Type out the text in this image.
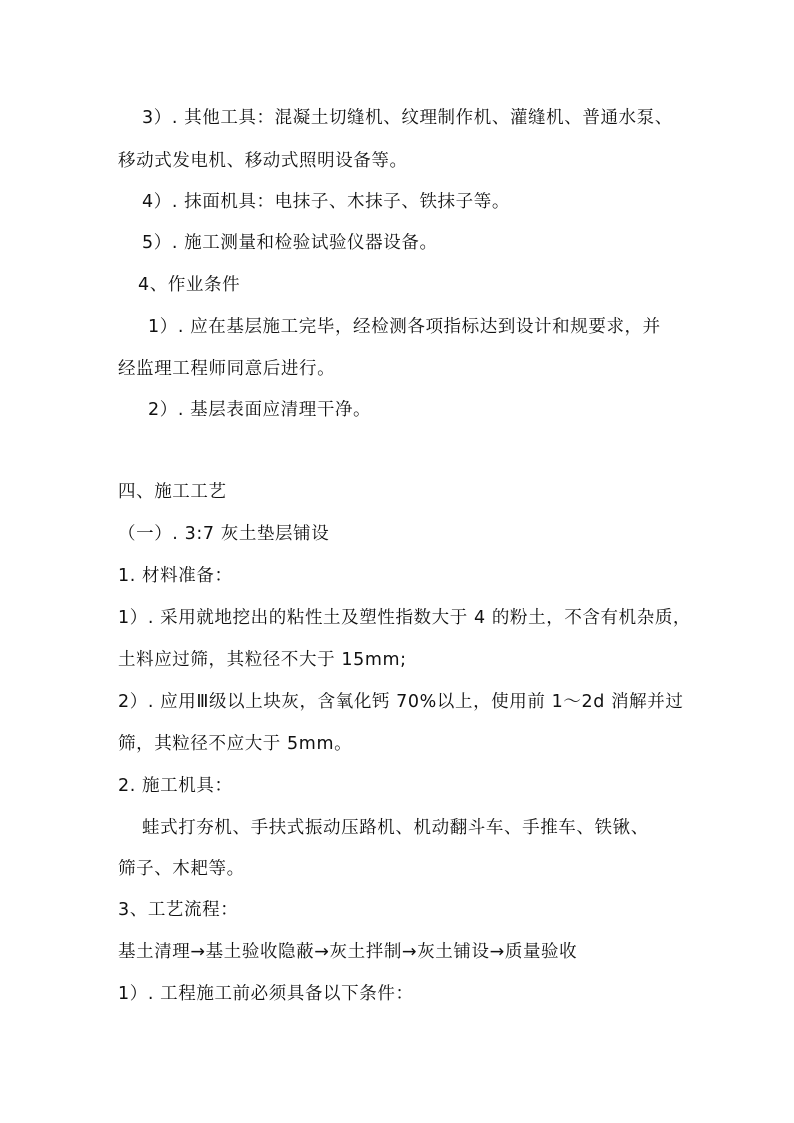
3）. 其他工具：混凝土切缝机、纹理制作机、灌缝机、普通水泵、
移动式发电机、移动式照明设备等。
4）. 抹面机具：电抹子、木抹子、铁抹子等。
5）. 施工测量和检验试验仪器设备。
4、作业条件
1）. 应在基层施工完毕，经检测各项指标达到设计和规要求，并
经监理工程师同意后进行。
2）. 基层表面应清理干净。
四、施工工艺
（一）. 3:7 灰土垫层铺设
1. 材料准备：
1）. 采用就地挖出的粘性土及塑性指数大于 4 的粉土，不含有机杂质，
土料应过筛，其粒径不大于 15mm;
2）. 应用Ⅲ级以上块灰，含氧化钙 70%以上，使用前 1～2d 消解并过
筛，其粒径不应大于 5mm。
2. 施工机具：
蛙式打夯机、手扶式振动压路机、机动翻斗车、手推车、铁锹、
筛子、木耙等。
3、工艺流程：
基土清理→基土验收隐蔽→灰土拌制→灰土铺设→质量验收
1）. 工程施工前必须具备以下条件：
